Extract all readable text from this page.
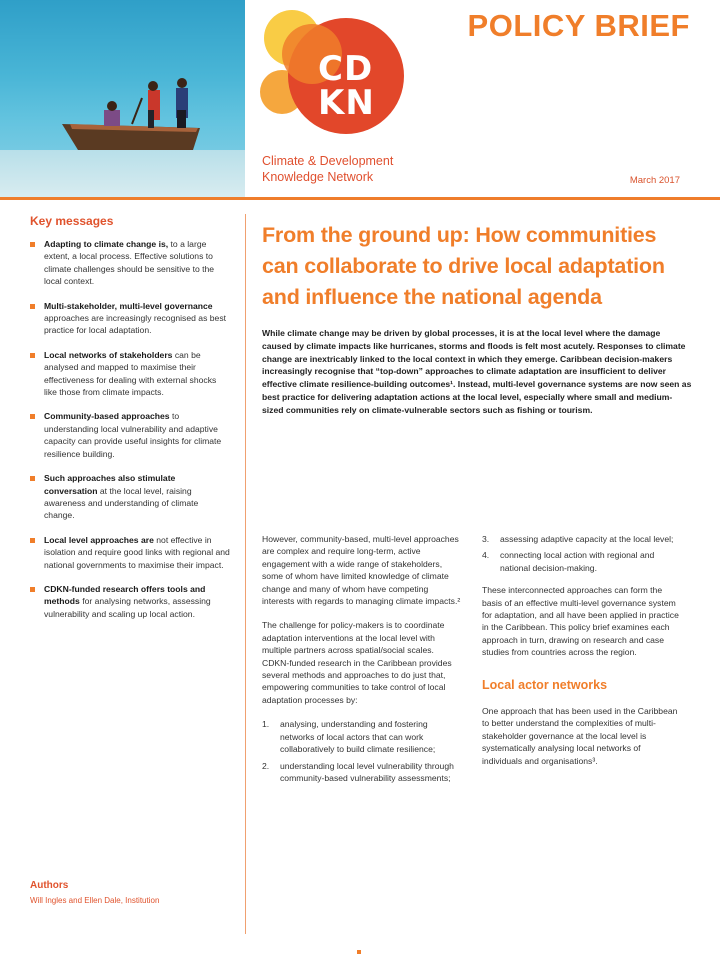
CD
KN
Climate & Development
Knowledge Network
POLICY BRIEF
March 2017
Key messages
Adapting to climate change is, to a large extent, a local process. Effective solutions to climate challenges should be sensitive to the local context.
Multi-stakeholder, multi-level governance approaches are increasingly recognised as best practice for local adaptation.
Local networks of stakeholders can be analysed and mapped to maximise their effectiveness for dealing with external shocks like those from climate impacts.
Community-based approaches to understanding local vulnerability and adaptive capacity can provide useful insights for climate resilience building.
Such approaches also stimulate conversation at the local level, raising awareness and understanding of climate change.
Local level approaches are not effective in isolation and require good links with regional and national governments to maximise their impact.
CDKN-funded research offers tools and methods for analysing networks, assessing vulnerability and scaling up local action.
Authors
Will Ingles and Ellen Dale, Institution
From the ground up: How communities can collaborate to drive local adaptation and influence the national agenda

While climate change may be driven by global processes, it is at the local level where the damage caused by climate impacts like hurricanes, storms and floods is felt most acutely. Responses to climate change are inextricably linked to the local context in which they emerge. Caribbean decision-makers increasingly recognise that “top-down” approaches to climate adaptation are insufficient to deliver effective climate resilience-building outcomes¹. Instead, multi-level governance systems are now seen as best practice for delivering adaptation actions at the local level, especially where small and medium-sized communities rely on climate-vulnerable sectors such as fishing or tourism.

However, community-based, multi-level approaches are complex and require long-term, active engagement with a wide range of stakeholders, some of whom have limited knowledge of climate change and many of whom have competing interests with regards to managing climate impacts.²

The challenge for policy-makers is to coordinate adaptation interventions at the local level with multiple partners across spatial/social scales. CDKN-funded research in the Caribbean provides several methods and approaches to do just that, empowering communities to take control of local adaptation processes by:

1. analysing, understanding and fostering networks of local actors that can work collaboratively to build climate resilience;
2. understanding local level vulnerability through community-based vulnerability assessments;
3. assessing adaptive capacity at the local level;
4. connecting local action with regional and national decision-making.

These interconnected approaches can form the basis of an effective multi-level governance system for adaptation, and all have been applied in practice in the Caribbean. This policy brief examines each approach in turn, drawing on research and case studies from countries across the region.

Local actor networks

One approach that has been used in the Caribbean to better understand the complexities of multi-stakeholder governance at the local level is systematically analysing local networks of individuals and organisations³.
